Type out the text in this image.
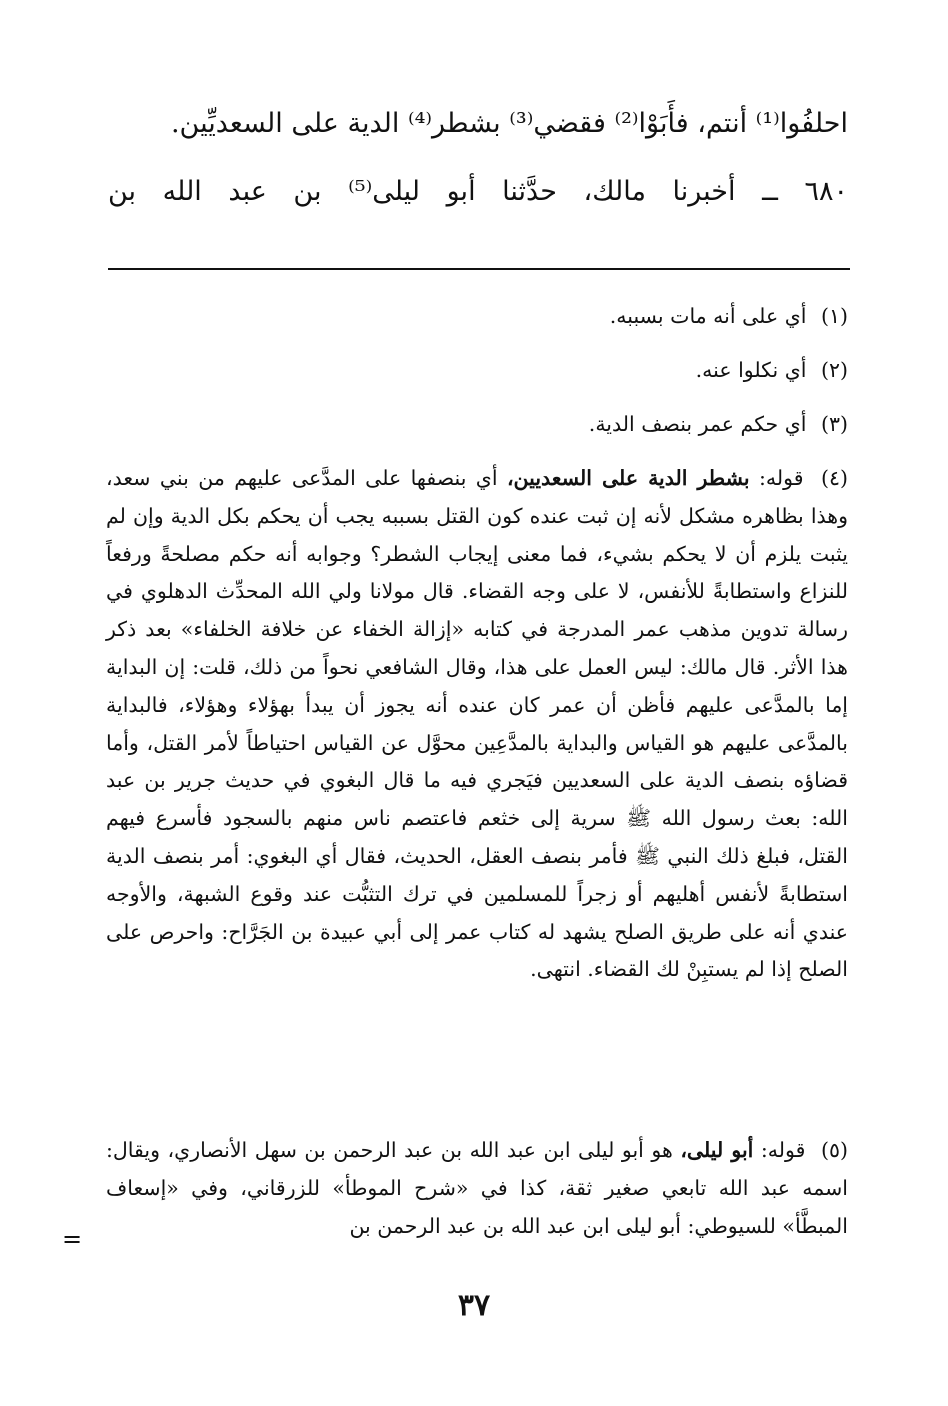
احلفُوا⁽¹⁾ أنتم، فأَبَوْا⁽²⁾ فقضي⁽³⁾ بشطر⁽⁴⁾ الدية على السعديِّين.
٦٨٠ ــ أخبرنا مالك، حدَّثنا أبو ليلى⁽⁵⁾ بن عبد الله بن
(١) أي على أنه مات بسببه.
(٢) أي نكلوا عنه.
(٣) أي حكم عمر بنصف الدية.
(٤) قوله: بشطر الدية على السعديين، أي بنصفها على المدَّعى عليهم من بني سعد، وهذا بظاهره مشكل لأنه إن ثبت عنده كون القتل بسببه يجب أن يحكم بكل الدية وإن لم يثبت يلزم أن لا يحكم بشيء، فما معنى إيجاب الشطر؟ وجوابه أنه حكم مصلحةً ورفعاً للنزاع واستطابةً للأنفس، لا على وجه القضاء. قال مولانا ولي الله المحدِّث الدهلوي في رسالة تدوين مذهب عمر المدرجة في كتابه «إزالة الخفاء عن خلافة الخلفاء» بعد ذكر هذا الأثر. قال مالك: ليس العمل على هذا، وقال الشافعي نحواً من ذلك، قلت: إن البداية إما بالمدَّعى عليهم فأظن أن عمر كان عنده أنه يجوز أن يبدأ بهؤلاء وهؤلاء، فالبداية بالمدَّعى عليهم هو القياس والبداية بالمدَّعِين محوَّل عن القياس احتياطاً لأمر القتل، وأما قضاؤه بنصف الدية على السعديين فيَجري فيه ما قال البغوي في حديث جرير بن عبد الله: بعث رسول الله ﷺ سرية إلى خثعم فاعتصم ناس منهم بالسجود فأسرع فيهم القتل، فبلغ ذلك النبي ﷺ فأمر بنصف العقل، الحديث، فقال أي البغوي: أمر بنصف الدية استطابةً لأنفس أهليهم أو زجراً للمسلمين في ترك التثبُّت عند وقوع الشبهة، والأوجه عندي أنه على طريق الصلح يشهد له كتاب عمر إلى أبي عبيدة بن الجَرَّاح: واحرص على الصلح إذا لم يستبِنْ لك القضاء. انتهى.
(٥) قوله: أبو ليلى، هو أبو ليلى ابن عبد الله بن عبد الرحمن بن سهل الأنصاري، ويقال: اسمه عبد الله تابعي صغير ثقة، كذا في «شرح الموطأ» للزرقاني، وفي «إسعاف المبطَّأ» للسيوطي: أبو ليلى ابن عبد الله بن عبد الرحمن بن
=
٣٧
